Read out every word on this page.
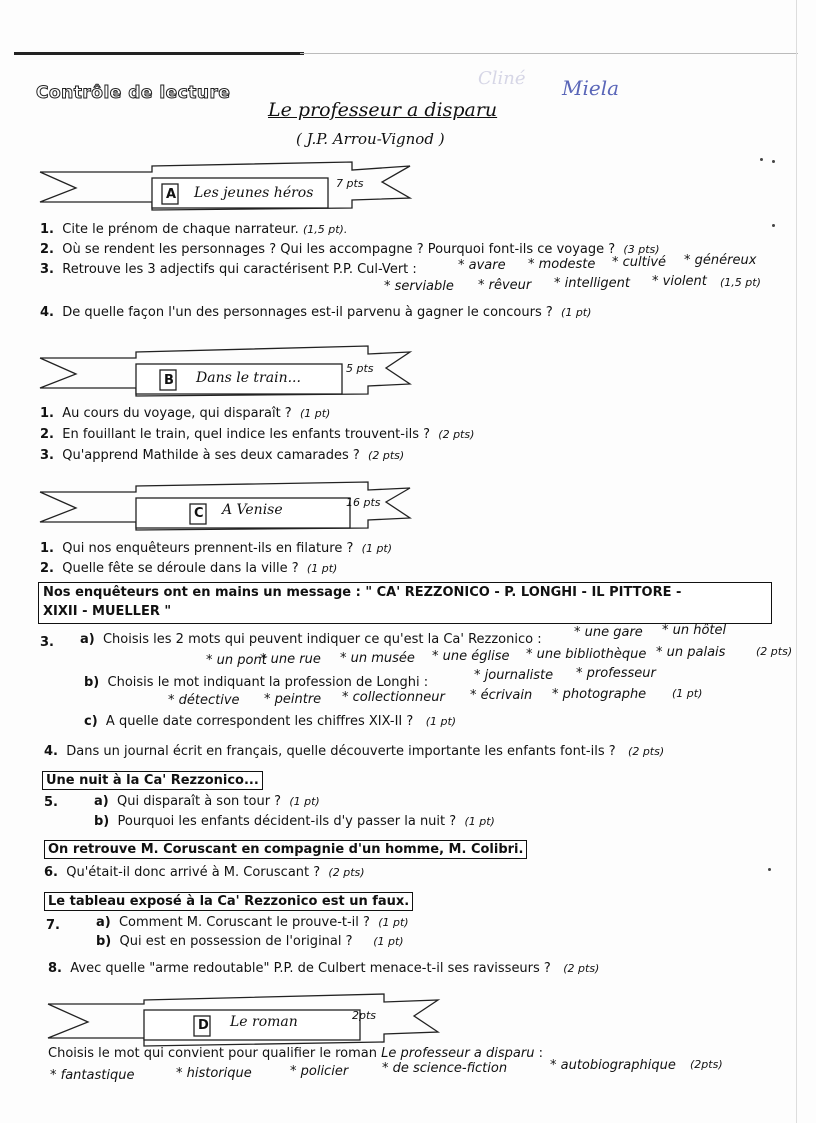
Contrôle de lecture
Le professeur a disparu
( J.P. Arrou-Vignod )
Cliné Miela
A Les jeunes héros
7 pts
1. Cite le prénom de chaque narrateur. (1,5 pt).
2. Où se rendent les personnages ? Qui les accompagne ? Pourquoi font-ils ce voyage ? (3 pts)
3. Retrouve les 3 adjectifs qui caractérisent P.P. Cul-Vert :	* avare * modeste * cultivé * généreux
* serviable * rêveur * intelligent * violent (1,5 pt)
4. De quelle façon l'un des personnages est-il parvenu à gagner le concours ? (1 pt)
B Dans le train...
5 pts
1. Au cours du voyage, qui disparaît ? (1 pt)
2. En fouillant le train, quel indice les enfants trouvent-ils ? (2 pts)
3. Qu'apprend Mathilde à ses deux camarades ? (2 pts)
C A Venise	16 pts
1. Qui nos enquêteurs prennent-ils en filature ? (1 pt)
2. Quelle fête se déroule dans la ville ? (1 pt)
Nos enquêteurs ont en mains un message : " CA' REZZONICO - P. LONGHI - IL PITTORE -
XIXII - MUELLER "
3. a) Choisis les 2 mots qui peuvent indiquer ce qu'est la Ca' Rezzonico : * une gare * un hôtel
* un pont
* une rue * un musée * une église * une bibliothèque * un palais	(2 pts)
b) Choisis le mot indiquant la profession de Longhi :	* journaliste * professeur
* détective * peintre * collectionneur * écrivain * photographe (1 pt)
c) A quelle date correspondent les chiffres XIX-II ? (1 pt)
4. Dans un journal écrit en français, quelle découverte importante les enfants font-ils ? (2 pts)
Une nuit à la Ca' Rezzonico...
5.	a) Qui disparaît à son tour ? (1 pt)
b) Pourquoi les enfants décident-ils d'y passer la nuit ? (1 pt)
On retrouve M. Coruscant en compagnie d'un homme, M. Colibri.
6. Qu'était-il donc arrivé à M. Coruscant ? (2 pts)
Le tableau exposé à la Ca' Rezzonico est un faux.
7.	a) Comment M. Coruscant le prouve-t-il ? (1 pt)
b) Qui est en possession de l'original ? (1 pt)
8. Avec quelle "arme redoutable" P.P. de Culbert menace-t-il ses ravisseurs ? (2 pts)
D Le roman	2pts
Choisis le mot qui convient pour qualifier le roman Le professeur a disparu :
* fantastique	* historique	* policier	* de science-fiction	* autobiographique (2pts)
